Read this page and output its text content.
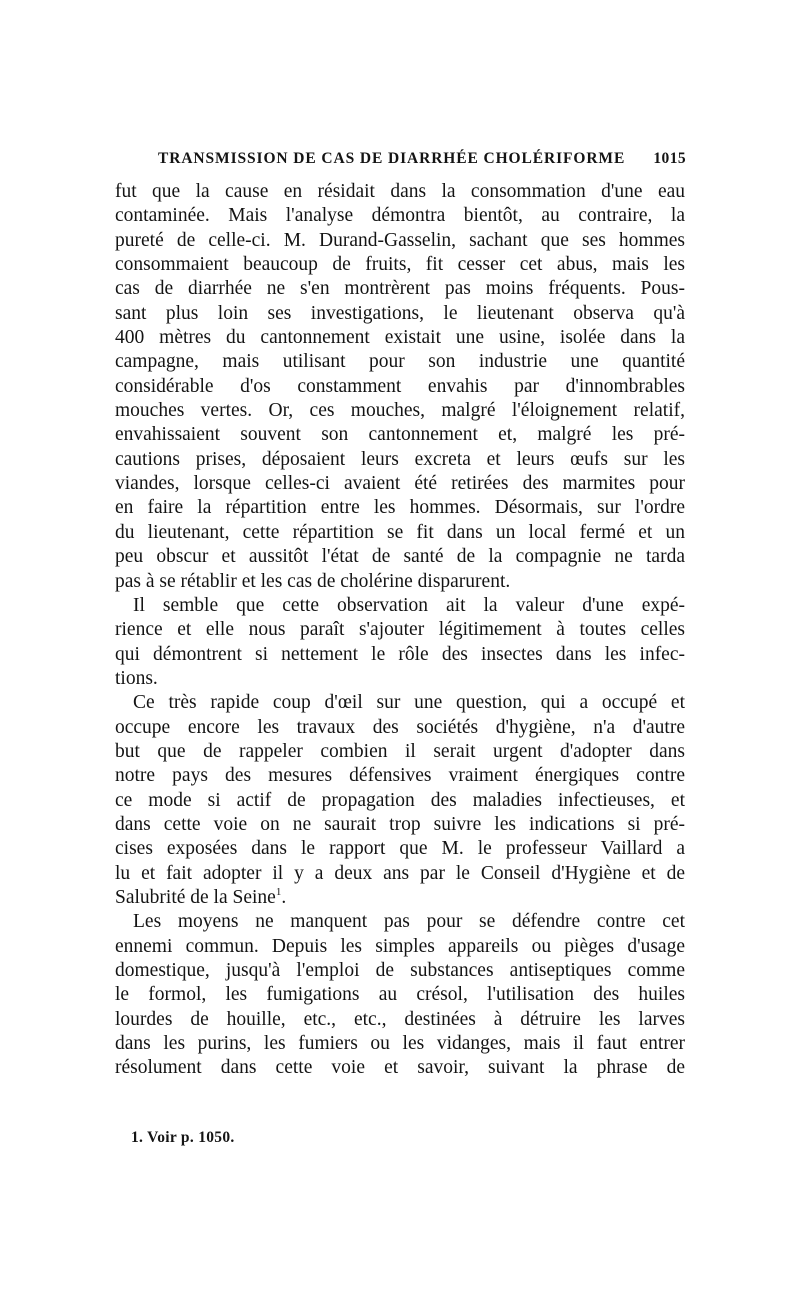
TRANSMISSION DE CAS DE DIARRHÉE CHOLÉRIFORME 1015
fut que la cause en résidait dans la consommation d'une eau
contaminée. Mais l'analyse démontra bientôt, au contraire, la
pureté de celle-ci. M. Durand-Gasselin, sachant que ses hommes
consommaient beaucoup de fruits, fit cesser cet abus, mais les
cas de diarrhée ne s'en montrèrent pas moins fréquents. Pous-
sant plus loin ses investigations, le lieutenant observa qu'à
400 mètres du cantonnement existait une usine, isolée dans la
campagne, mais utilisant pour son industrie une quantité
considérable d'os constamment envahis par d'innombrables
mouches vertes. Or, ces mouches, malgré l'éloignement relatif,
envahissaient souvent son cantonnement et, malgré les pré-
cautions prises, déposaient leurs excreta et leurs œufs sur les
viandes, lorsque celles-ci avaient été retirées des marmites pour
en faire la répartition entre les hommes. Désormais, sur l'ordre
du lieutenant, cette répartition se fit dans un local fermé et un
peu obscur et aussitôt l'état de santé de la compagnie ne tarda
pas à se rétablir et les cas de cholérine disparurent.
Il semble que cette observation ait la valeur d'une expé-
rience et elle nous paraît s'ajouter légitimement à toutes celles
qui démontrent si nettement le rôle des insectes dans les infec-
tions.
Ce très rapide coup d'œil sur une question, qui a occupé et
occupe encore les travaux des sociétés d'hygiène, n'a d'autre
but que de rappeler combien il serait urgent d'adopter dans
notre pays des mesures défensives vraiment énergiques contre
ce mode si actif de propagation des maladies infectieuses, et
dans cette voie on ne saurait trop suivre les indications si pré-
cises exposées dans le rapport que M. le professeur Vaillard a
lu et fait adopter il y a deux ans par le Conseil d'Hygiène et de
Salubrité de la Seine$^1$.
Les moyens ne manquent pas pour se défendre contre cet
ennemi commun. Depuis les simples appareils ou pièges d'usage
domestique, jusqu'à l'emploi de substances antiseptiques comme
le formol, les fumigations au crésol, l'utilisation des huiles
lourdes de houille, etc., etc., destinées à détruire les larves
dans les purins, les fumiers ou les vidanges, mais il faut entrer
résolument dans cette voie et savoir, suivant la phrase de
1. Voir p. 1050.
